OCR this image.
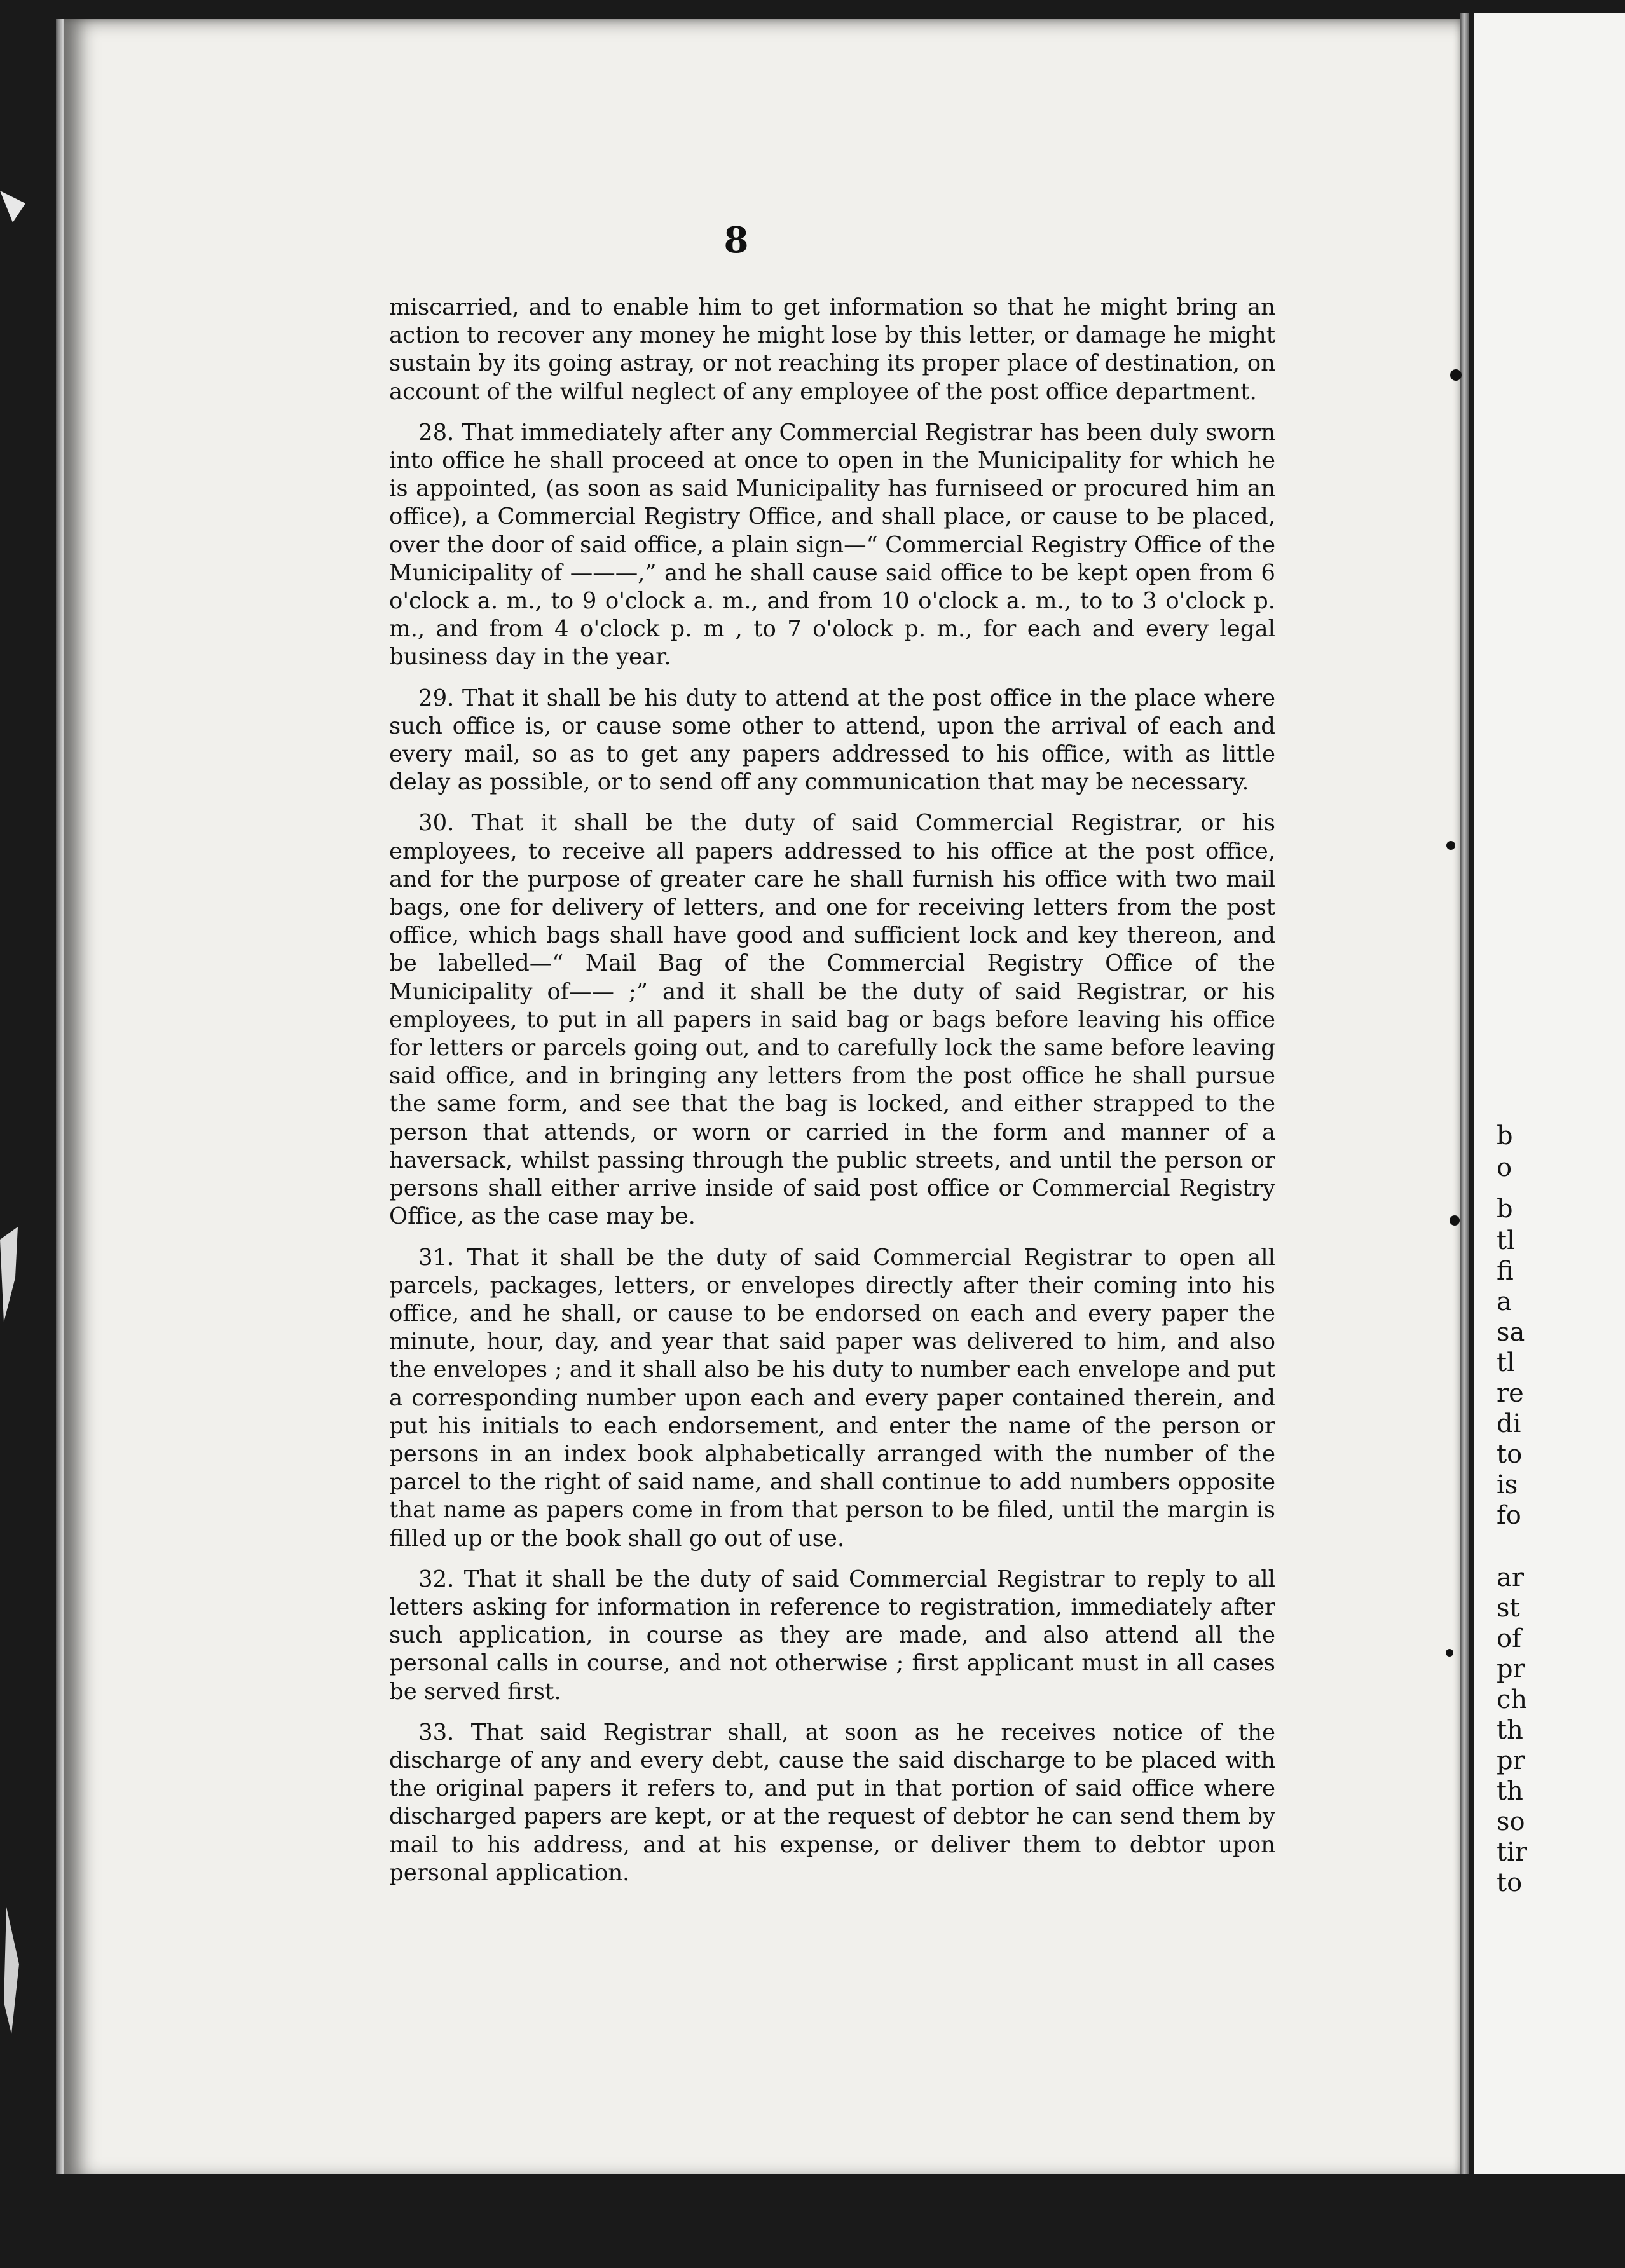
8

miscarried, and to enable him to get information so that he might bring an action to recover any money he might lose by this letter, or damage he might sustain by its going astray, or not reaching its proper place of destination, on account of the wilful neglect of any employee of the post office department.

28. That immediately after any Commercial Registrar has been duly sworn into office he shall proceed at once to open in the Municipality for which he is appointed, (as soon as said Municipality has furniseed or procured him an office), a Commercial Registry Office, and shall place, or cause to be placed, over the door of said office, a plain sign—“ Commercial Registry Office of the Municipality of ———,” and he shall cause said office to be kept open from 6 o'clock a. m., to 9 o'clock a. m., and from 10 o'clock a. m., to to 3 o'clock p. m., and from 4 o'clock p. m , to 7 o'olock p. m., for each and every legal business day in the year.

29. That it shall be his duty to attend at the post office in the place where such office is, or cause some other to attend, upon the arrival of each and every mail, so as to get any papers addressed to his office, with as little delay as possible, or to send off any communication that may be necessary.

30. That it shall be the duty of said Commercial Registrar, or his employees, to receive all papers addressed to his office at the post office, and for the purpose of greater care he shall furnish his office with two mail bags, one for delivery of letters, and one for receiving letters from the post office, which bags shall have good and sufficient lock and key thereon, and be labelled—“ Mail Bag of the Commercial Registry Office of the Municipality of—— ;” and it shall be the duty of said Registrar, or his employees, to put in all papers in said bag or bags before leaving his office for letters or parcels going out, and to carefully lock the same before leaving said office, and in bringing any letters from the post office he shall pursue the same form, and see that the bag is locked, and either strapped to the person that attends, or worn or carried in the form and manner of a haversack, whilst passing through the public streets, and until the person or persons shall either arrive inside of said post office or Commercial Registry Office, as the case may be.

31. That it shall be the duty of said Commercial Registrar to open all parcels, packages, letters, or envelopes directly after their coming into his office, and he shall, or cause to be endorsed on each and every paper the minute, hour, day, and year that said paper was delivered to him, and also the envelopes ; and it shall also be his duty to number each envelope and put a corresponding number upon each and every paper contained therein, and put his initials to each endorsement, and enter the name of the person or persons in an index book alphabetically arranged with the number of the parcel to the right of said name, and shall continue to add numbers opposite that name as papers come in from that person to be filed, until the margin is filled up or the book shall go out of use.

32. That it shall be the duty of said Commercial Registrar to reply to all letters asking for information in reference to registration, immediately after such application, in course as they are made, and also attend all the personal calls in course, and not otherwise ; first applicant must in all cases be served first.

33. That said Registrar shall, at soon as he receives notice of the discharge of any and every debt, cause the said discharge to be placed with the original papers it refers to, and put in that portion of said office where discharged papers are kept, or at the request of debtor he can send them by mail to his address, and at his expense, or deliver them to debtor upon personal application.

b
o
b
tl
fi
a
sa
tl
re
di
to
is
fo
ar
st
of
pr
ch
th
pr
th
so
tir
to
